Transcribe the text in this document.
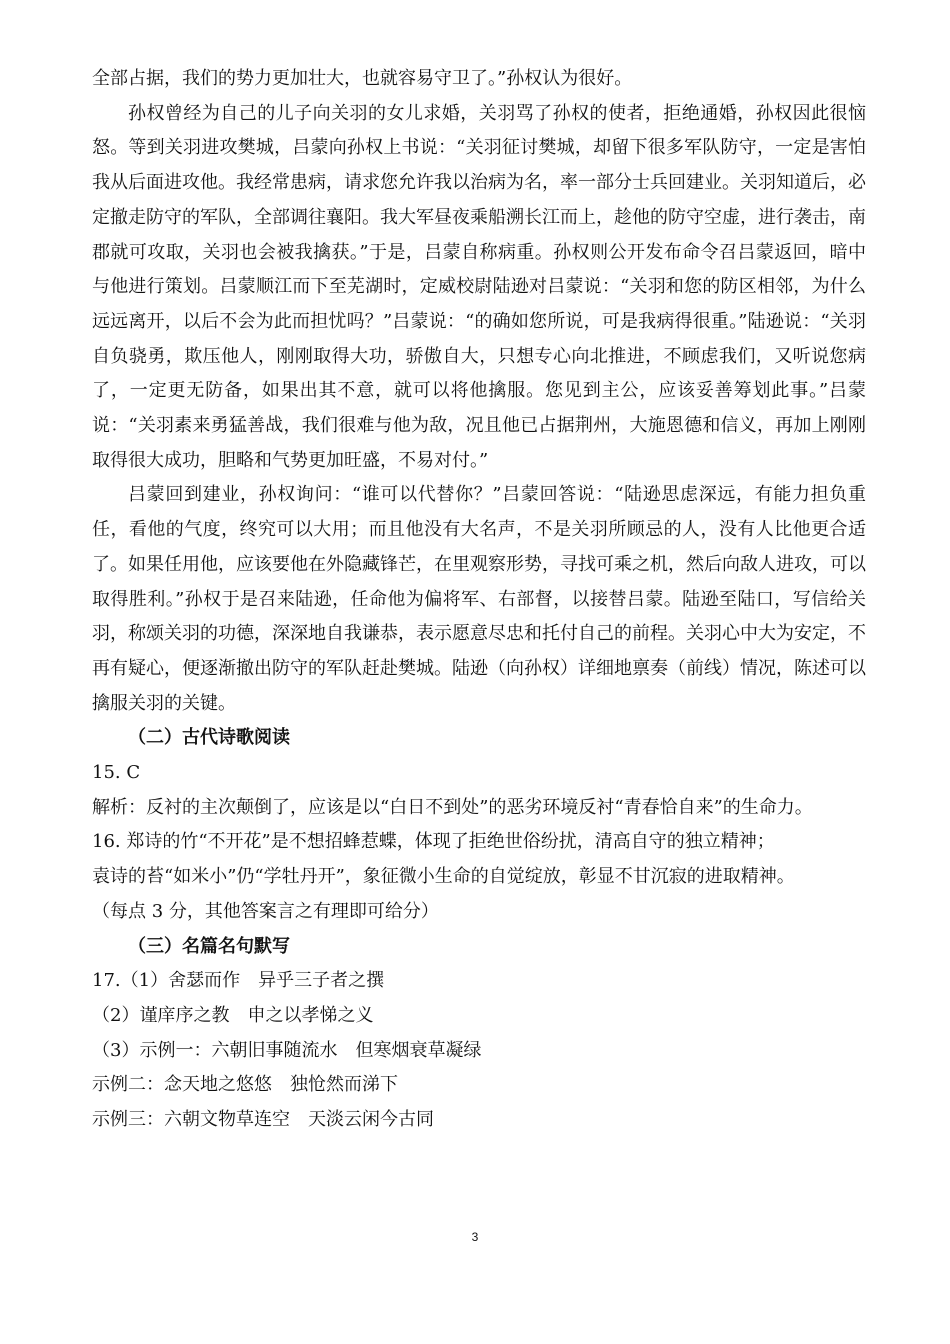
全部占据，我们的势力更加壮大，也就容易守卫了。”孙权认为很好。

孙权曾经为自己的儿子向关羽的女儿求婚，关羽骂了孙权的使者，拒绝通婚，孙权因此很恼怒。等到关羽进攻樊城，吕蒙向孙权上书说：“关羽征讨樊城，却留下很多军队防守，一定是害怕我从后面进攻他。我经常患病，请求您允许我以治病为名，率一部分士兵回建业。关羽知道后，必定撤走防守的军队，全部调往襄阳。我大军昼夜乘船溯长江而上，趁他的防守空虚，进行袭击，南郡就可攻取，关羽也会被我擒获。”于是，吕蒙自称病重。孙权则公开发布命令召吕蒙返回，暗中与他进行策划。吕蒙顺江而下至芜湖时，定威校尉陆逊对吕蒙说：“关羽和您的防区相邻，为什么远远离开，以后不会为此而担忧吗？”吕蒙说：“的确如您所说，可是我病得很重。”陆逊说：“关羽自负骁勇，欺压他人，刚刚取得大功，骄傲自大，只想专心向北推进，不顾虑我们，又听说您病了，一定更无防备，如果出其不意，就可以将他擒服。您见到主公，应该妥善筹划此事。”吕蒙说：“关羽素来勇猛善战，我们很难与他为敌，况且他已占据荆州，大施恩德和信义，再加上刚刚取得很大成功，胆略和气势更加旺盛，不易对付。”

吕蒙回到建业，孙权询问：“谁可以代替你？”吕蒙回答说：“陆逊思虑深远，有能力担负重任，看他的气度，终究可以大用；而且他没有大名声，不是关羽所顾忌的人，没有人比他更合适了。如果任用他，应该要他在外隐藏锋芒，在里观察形势，寻找可乘之机，然后向敌人进攻，可以取得胜利。”孙权于是召来陆逊，任命他为偏将军、右部督，以接替吕蒙。陆逊至陆口，写信给关羽，称颂关羽的功德，深深地自我谦恭，表示愿意尽忠和托付自己的前程。关羽心中大为安定，不再有疑心，便逐渐撤出防守的军队赶赴樊城。陆逊（向孙权）详细地禀奏（前线）情况，陈述可以擒服关羽的关键。

（二）古代诗歌阅读

15. C

解析：反衬的主次颠倒了，应该是以“白日不到处”的恶劣环境反衬“青春恰自来”的生命力。

16. 郑诗的竹“不开花”是不想招蜂惹蝶，体现了拒绝世俗纷扰，清高自守的独立精神；

袁诗的苔“如米小”仍“学牡丹开”，象征微小生命的自觉绽放，彰显不甘沉寂的进取精神。

（每点 3 分，其他答案言之有理即可给分）

（三）名篇名句默写

17.（1）舍瑟而作　异乎三子者之撰

（2）谨庠序之教　申之以孝悌之义

（3）示例一：六朝旧事随流水　但寒烟衰草凝绿

示例二：念天地之悠悠　独怆然而涕下

示例三：六朝文物草连空　天淡云闲今古同

3
